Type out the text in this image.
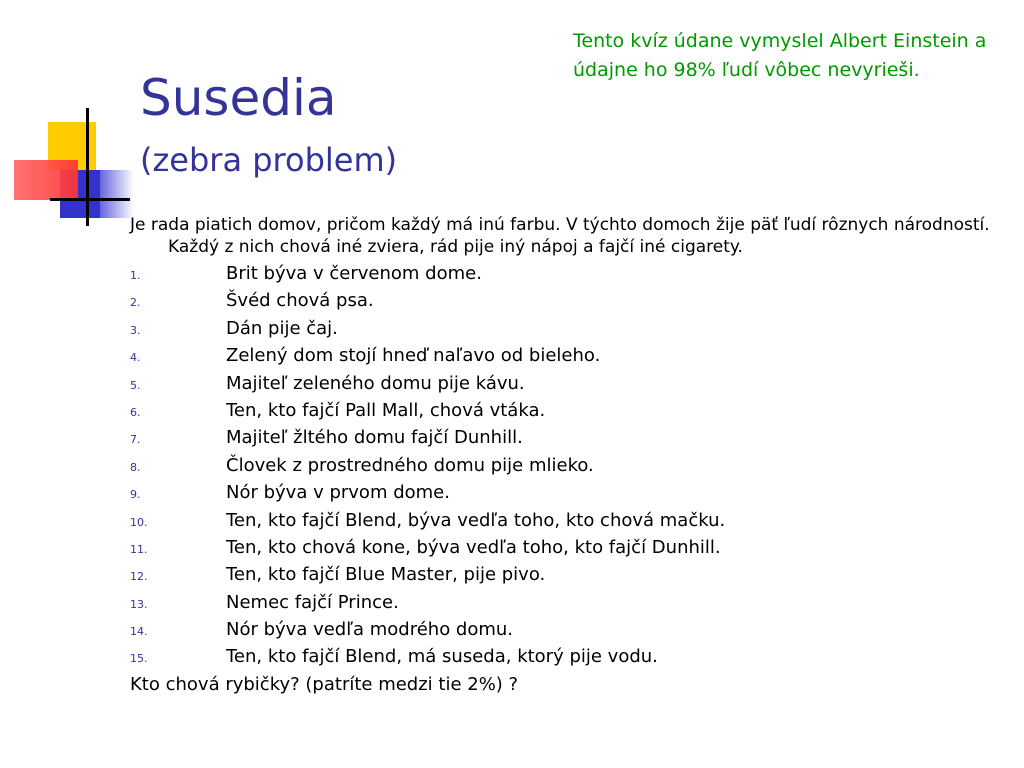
Susedia
(zebra problem)
Tento kvíz údane vymyslel Albert Einstein a údajne ho 98% ľudí vôbec nevyrieši.

Je rada piatich domov, pričom každý má inú farbu. V týchto domoch žije päť ľudí rôznych národností. Každý z nich chová iné zviera, rád pije iný nápoj a fajčí iné cigarety.

1.	Brit býva v červenom dome.
2.	Švéd chová psa.
3.	Dán pije čaj.
4.	Zelený dom stojí hneď naľavo od bieleho.
5.	Majiteľ zeleného domu pije kávu.
6.	Ten, kto fajčí Pall Mall, chová vtáka.
7.	Majiteľ žltého domu fajčí Dunhill.
8.	Človek z prostredného domu pije mlieko.
9.	Nór býva v prvom dome.
10.	Ten, kto fajčí Blend, býva vedľa toho, kto chová mačku.
11.	Ten, kto chová kone, býva vedľa toho, kto fajčí Dunhill.
12.	Ten, kto fajčí Blue Master, pije pivo.
13.	Nemec fajčí Prince.
14.	Nór býva vedľa modrého domu.
15.	Ten, kto fajčí Blend, má suseda, ktorý pije vodu.

Kto chová rybičky? (patríte medzi tie 2%) ?
